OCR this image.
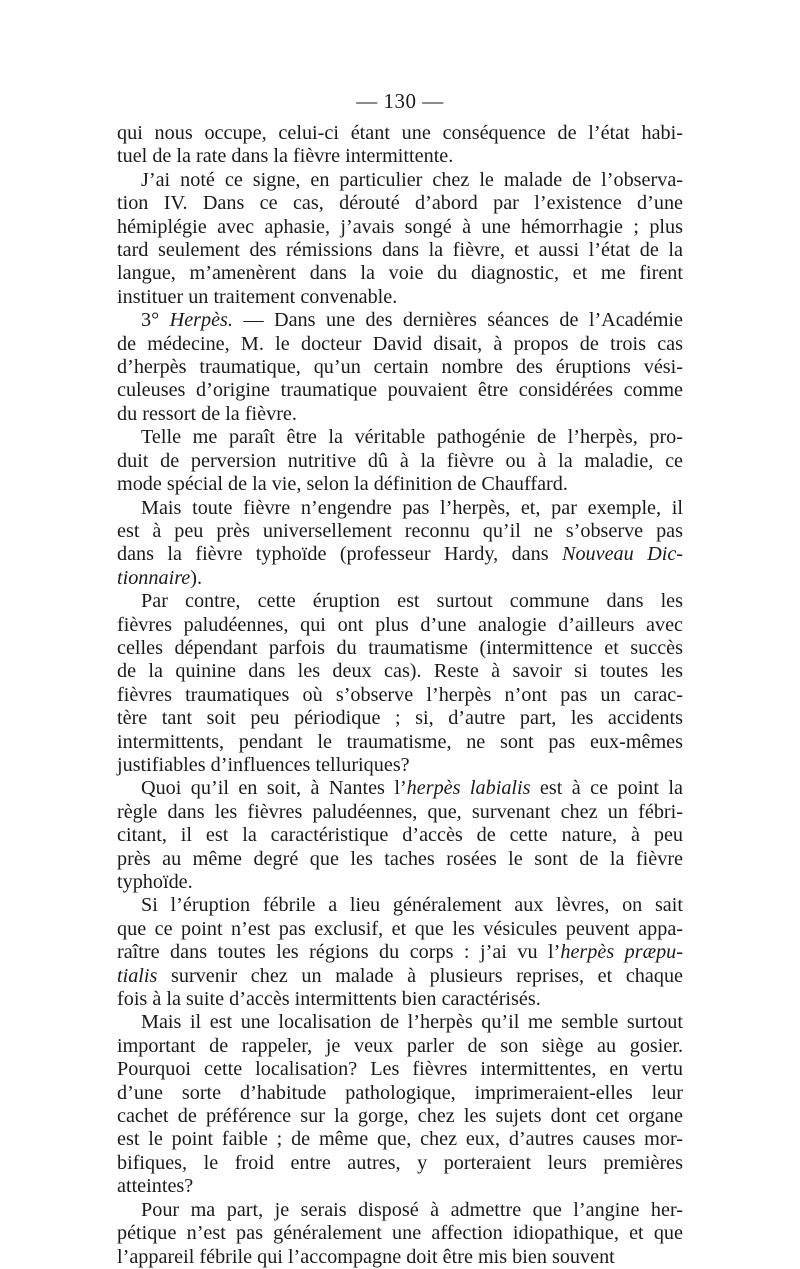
— 130 —

qui nous occupe, celui-ci étant une conséquence de l’état habi-
tuel de la rate dans la fièvre intermittente.

J’ai noté ce signe, en particulier chez le malade de l’observa-
tion IV. Dans ce cas, dérouté d’abord par l’existence d’une
hémiplégie avec aphasie, j’avais songé à une hémorrhagie ; plus
tard seulement des rémissions dans la fièvre, et aussi l’état de la
langue, m’amenèrent dans la voie du diagnostic, et me firent
instituer un traitement convenable.

3° Herpès. — Dans une des dernières séances de l’Académie
de médecine, M. le docteur David disait, à propos de trois cas
d’herpès traumatique, qu’un certain nombre des éruptions vési-
culeuses d’origine traumatique pouvaient être considérées comme
du ressort de la fièvre.

Telle me paraît être la véritable pathogénie de l’herpès, pro-
duit de perversion nutritive dû à la fièvre ou à la maladie, ce
mode spécial de la vie, selon la définition de Chauffard.

Mais toute fièvre n’engendre pas l’herpès, et, par exemple, il
est à peu près universellement reconnu qu’il ne s’observe pas
dans la fièvre typhoïde (professeur Hardy, dans Nouveau Dic-
tionnaire).

Par contre, cette éruption est surtout commune dans les
fièvres paludéennes, qui ont plus d’une analogie d’ailleurs avec
celles dépendant parfois du traumatisme (intermittence et succès
de la quinine dans les deux cas). Reste à savoir si toutes les
fièvres traumatiques où s’observe l’herpès n’ont pas un carac-
tère tant soit peu périodique ; si, d’autre part, les accidents
intermittents, pendant le traumatisme, ne sont pas eux-mêmes
justifiables d’influences telluriques?

Quoi qu’il en soit, à Nantes l’herpès labialis est à ce point la
règle dans les fièvres paludéennes, que, survenant chez un fébri-
citant, il est la caractéristique d’accès de cette nature, à peu
près au même degré que les taches rosées le sont de la fièvre
typhoïde.

Si l’éruption fébrile a lieu généralement aux lèvres, on sait
que ce point n’est pas exclusif, et que les vésicules peuvent appa-
raître dans toutes les régions du corps : j’ai vu l’herpès præpu-
tialis survenir chez un malade à plusieurs reprises, et chaque
fois à la suite d’accès intermittents bien caractérisés.

Mais il est une localisation de l’herpès qu’il me semble surtout
important de rappeler, je veux parler de son siège au gosier.
Pourquoi cette localisation? Les fièvres intermittentes, en vertu
d’une sorte d’habitude pathologique, imprimeraient-elles leur
cachet de préférence sur la gorge, chez les sujets dont cet organe
est le point faible ; de même que, chez eux, d’autres causes mor-
bifiques, le froid entre autres, y porteraient leurs premières
atteintes?

Pour ma part, je serais disposé à admettre que l’angine her-
pétique n’est pas généralement une affection idiopathique, et que
l’appareil fébrile qui l’accompagne doit être mis bien souvent
